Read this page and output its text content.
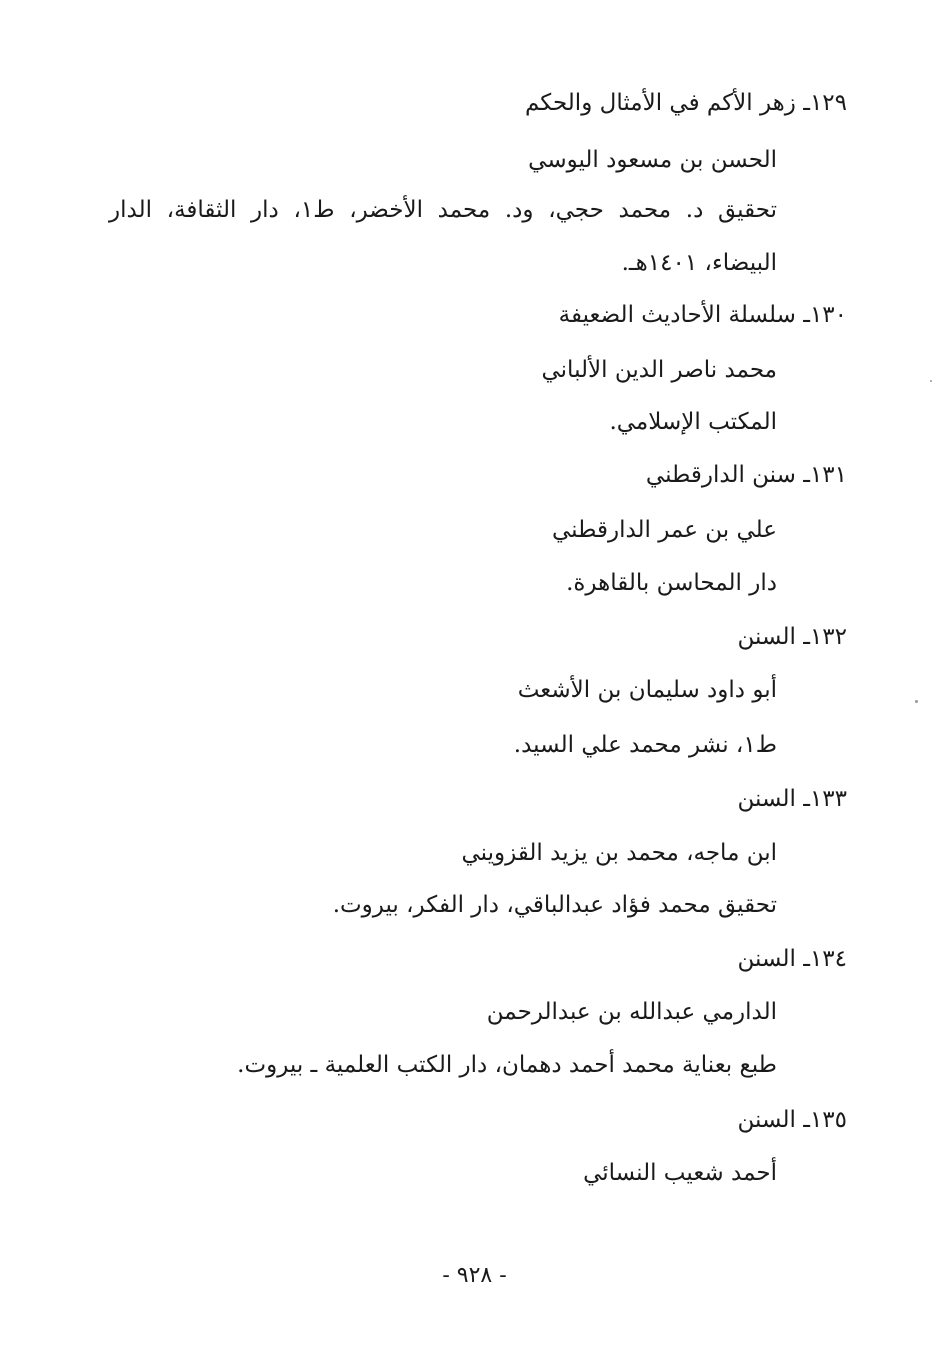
١٢٩ـ زهر الأكم في الأمثال والحكم
الحسن بن مسعود اليوسي
تحقيق د. محمد حجي، ود. محمد الأخضر، ط١، دار الثقافة، الدار
البيضاء، ١٤٠١هـ.
١٣٠ـ سلسلة الأحاديث الضعيفة
محمد ناصر الدين الألباني
المكتب الإسلامي.
١٣١ـ سنن الدارقطني
علي بن عمر الدارقطني
دار المحاسن بالقاهرة.
١٣٢ـ السنن
أبو داود سليمان بن الأشعث
ط١، نشر محمد علي السيد.
١٣٣ـ السنن
ابن ماجه، محمد بن يزيد القزويني
تحقيق محمد فؤاد عبدالباقي، دار الفكر، بيروت.
١٣٤ـ السنن
الدارمي عبدالله بن عبدالرحمن
طبع بعناية محمد أحمد دهمان، دار الكتب العلمية ـ بيروت.
١٣٥ـ السنن
أحمد شعيب النسائي
- ٩٢٨ -
